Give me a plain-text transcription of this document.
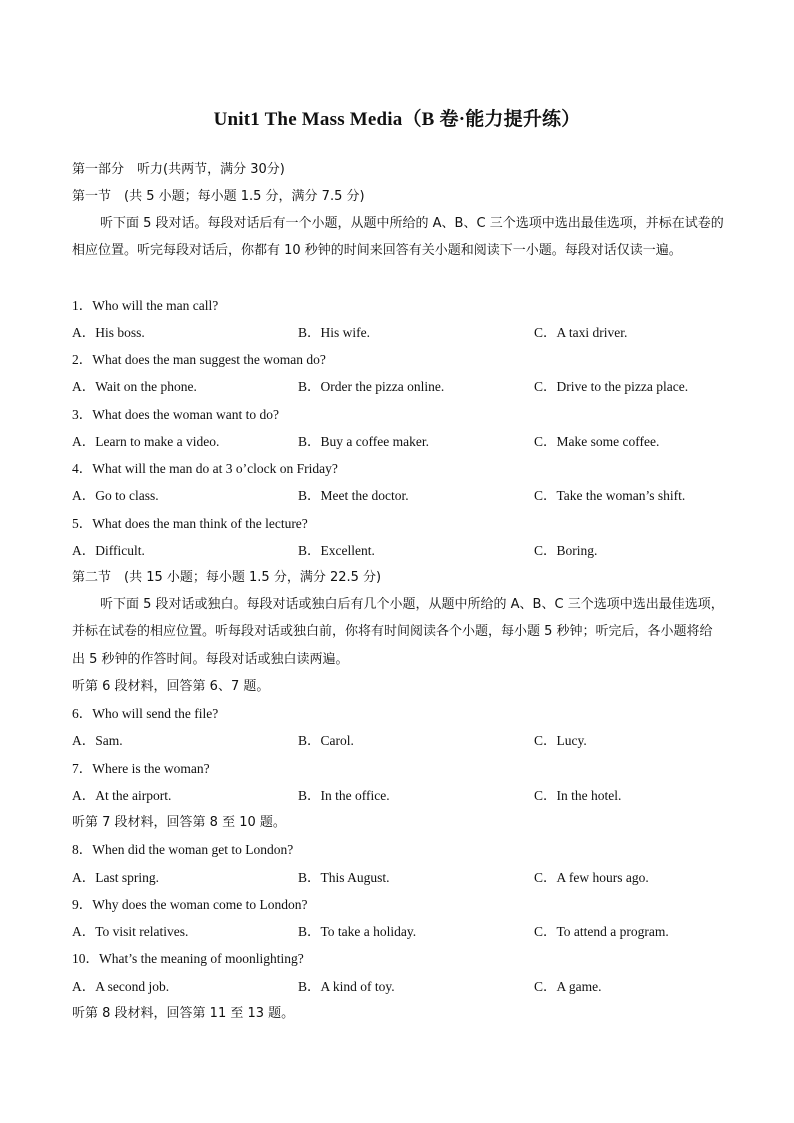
Unit1 The Mass Media（B 卷·能力提升练）
第一部分　听力(共两节，满分 30分)
第一节　(共 5 小题；每小题 1.5 分，满分 7.5 分)
听下面 5 段对话。每段对话后有一个小题，从题中所给的 A、B、C 三个选项中选出最佳选项，并标在试卷的相应位置。听完每段对话后，你都有 10 秒钟的时间来回答有关小题和阅读下一小题。每段对话仅读一遍。
1．Who will the man call?
A．His boss.	B．His wife.	C．A taxi driver.
2．What does the man suggest the woman do?
A．Wait on the phone.	B．Order the pizza online.	C．Drive to the pizza place.
3．What does the woman want to do?
A．Learn to make a video.	B．Buy a coffee maker.	C．Make some coffee.
4．What will the man do at 3 o’clock on Friday?
A．Go to class.	B．Meet the doctor.	C．Take the woman’s shift.
5．What does the man think of the lecture?
A．Difficult.	B．Excellent.	C．Boring.
第二节　(共 15 小题；每小题 1.5 分，满分 22.5 分)
听下面 5 段对话或独白。每段对话或独白后有几个小题，从题中所给的 A、B、C 三个选项中选出最佳选项，并标在试卷的相应位置。听每段对话或独白前，你将有时间阅读各个小题，每小题 5 秒钟；听完后，各小题将给出 5 秒钟的作答时间。每段对话或独白读两遍。
听第 6 段材料，回答第 6、7 题。
6．Who will send the file?
A．Sam.	B．Carol.	C．Lucy.
7．Where is the woman?
A．At the airport.	B．In the office.	C．In the hotel.
听第 7 段材料，回答第 8 至 10 题。
8．When did the woman get to London?
A．Last spring.	B．This August.	C．A few hours ago.
9．Why does the woman come to London?
A．To visit relatives.	B．To take a holiday.	C．To attend a program.
10．What’s the meaning of moonlighting?
A．A second job.	B．A kind of toy.	C．A game.
听第 8 段材料，回答第 11 至 13 题。
